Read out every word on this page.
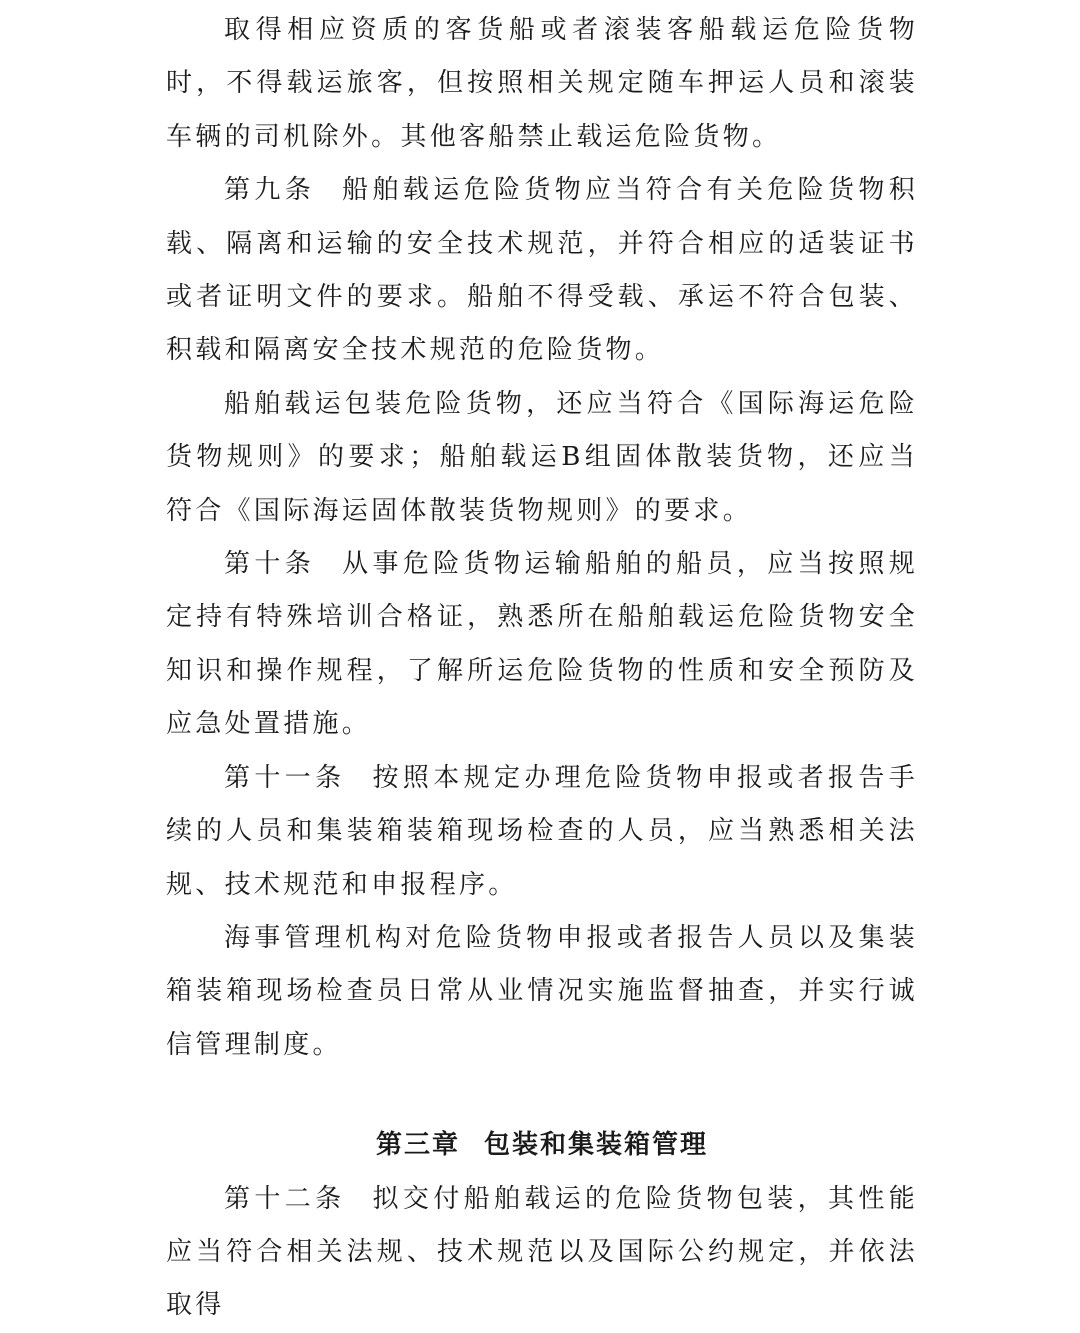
取得相应资质的客货船或者滚装客船载运危险货物时，不得载运旅客，但按照相关规定随车押运人员和滚装车辆的司机除外。其他客船禁止载运危险货物。

第九条 船舶载运危险货物应当符合有关危险货物积载、隔离和运输的安全技术规范，并符合相应的适装证书或者证明文件的要求。船舶不得受载、承运不符合包装、积载和隔离安全技术规范的危险货物。

船舶载运包装危险货物，还应当符合《国际海运危险货物规则》的要求；船舶载运B组固体散装货物，还应当符合《国际海运固体散装货物规则》的要求。

第十条 从事危险货物运输船舶的船员，应当按照规定持有特殊培训合格证，熟悉所在船舶载运危险货物安全知识和操作规程，了解所运危险货物的性质和安全预防及应急处置措施。

第十一条 按照本规定办理危险货物申报或者报告手续的人员和集装箱装箱现场检查的人员，应当熟悉相关法规、技术规范和申报程序。

海事管理机构对危险货物申报或者报告人员以及集装箱装箱现场检查员日常从业情况实施监督抽查，并实行诚信管理制度。

第三章 包装和集装箱管理

第十二条 拟交付船舶载运的危险货物包装，其性能应当符合相关法规、技术规范以及国际公约规定，并依法取得
